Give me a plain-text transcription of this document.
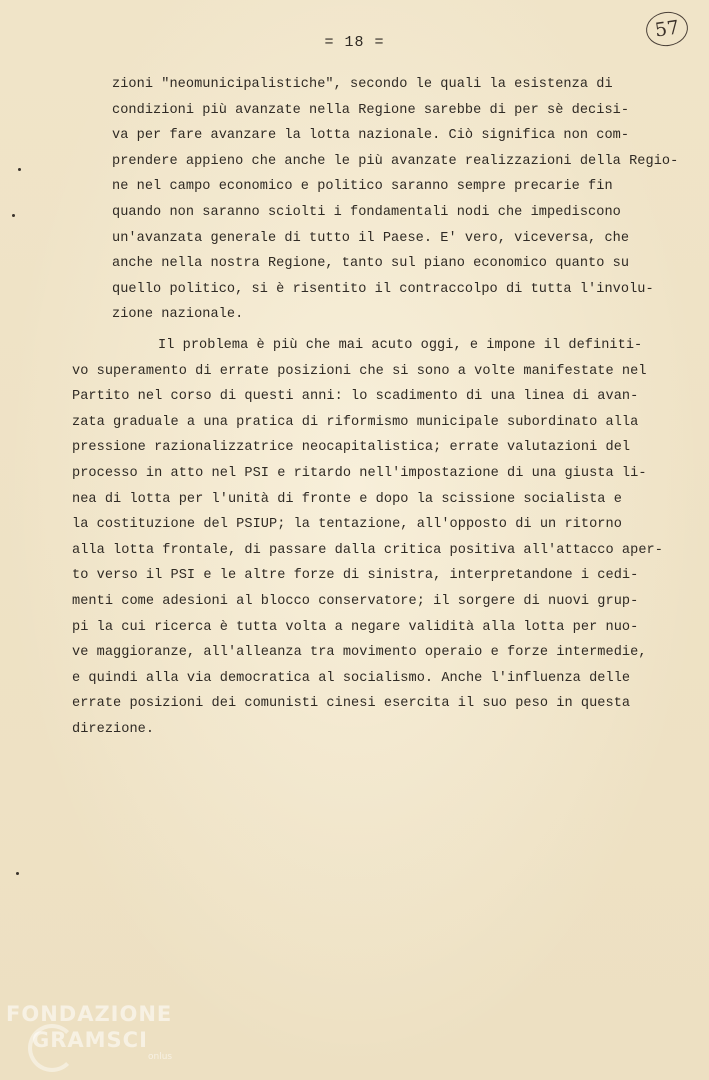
= 18 =
57
zioni "neomunicipalistiche", secondo le quali la esistenza di
condizioni più avanzate nella Regione sarebbe di per sè decisi-
va per fare avanzare la lotta nazionale. Ciò significa non com-
prendere appieno che anche le più avanzate realizzazioni della Regio-
ne nel campo economico e politico saranno sempre precarie fin
quando non saranno sciolti i fondamentali nodi che impediscono
un'avanzata generale di tutto il Paese. E' vero, viceversa, che
anche nella nostra Regione, tanto sul piano economico quanto su
quello politico, si è risentito il contraccolpo di tutta l'involu-
zione nazionale.
Il problema è più che mai acuto oggi, e impone il definiti-
vo superamento di errate posizioni che si sono a volte manifestate nel
Partito nel corso di questi anni: lo scadimento di una linea di avan-
zata graduale a una pratica di riformismo municipale subordinato alla
pressione razionalizzatrice neocapitalistica; errate valutazioni del
processo in atto nel PSI e ritardo nell'impostazione di una giusta li-
nea di lotta per l'unità di fronte e dopo la scissione socialista e
la costituzione del PSIUP; la tentazione, all'opposto di un ritorno
alla lotta frontale, di passare dalla critica positiva all'attacco aper-
to verso il PSI e le altre forze di sinistra, interpretandone i cedi-
menti come adesioni al blocco conservatore; il sorgere di nuovi grup-
pi la cui ricerca è tutta volta a negare validità alla lotta per nuo-
ve maggioranze, all'alleanza tra movimento operaio e forze intermedie,
e quindi alla via democratica al socialismo. Anche l'influenza delle
errate posizioni dei comunisti cinesi esercita il suo peso in questa
direzione.
FONDAZIONE
GRAMSCI
onlus
